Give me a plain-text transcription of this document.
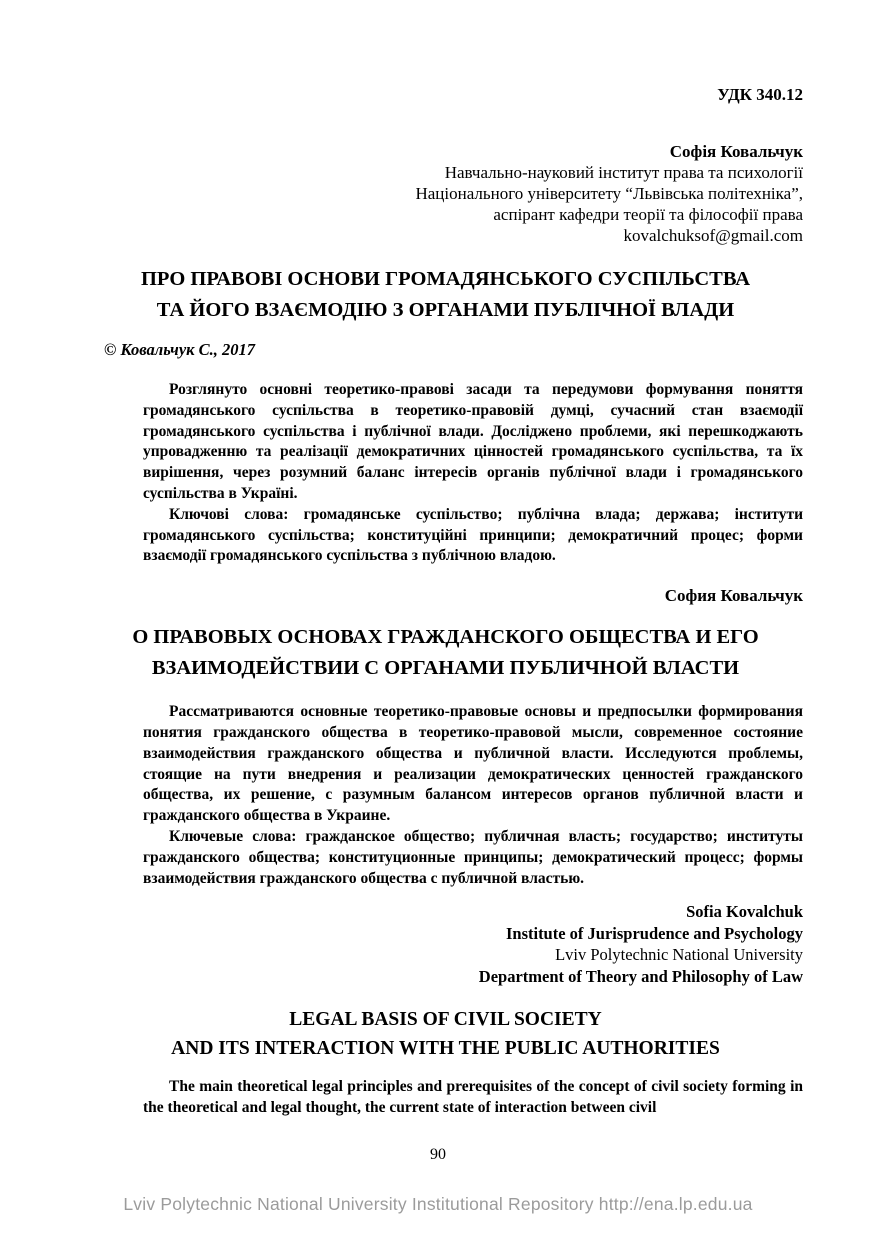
УДК 340.12
Софія Ковальчук
Навчально-науковий інститут права та психології
Національного університету “Львівська політехніка”,
аспірант кафедри теорії та філософії права
kovalchuksof@gmail.com
ПРО ПРАВОВІ ОСНОВИ ГРОМАДЯНСЬКОГО СУСПІЛЬСТВА
ТА ЙОГО ВЗАЄМОДІЮ З ОРГАНАМИ ПУБЛІЧНОЇ ВЛАДИ
© Ковальчук С., 2017

Розглянуто основні теоретико-правові засади та передумови формування поняття громадянського суспільства в теоретико-правовій думці, сучасний стан взаємодії громадянського суспільства і публічної влади. Досліджено проблеми, які перешкоджають упровадженню та реалізації демократичних цінностей громадянського суспільства, та їх вирішення, через розумний баланс інтересів органів публічної влади і громадянського суспільства в Україні.

Ключові слова: громадянське суспільство; публічна влада; держава; інститути громадянського суспільства; конституційні принципи; демократичний процес; форми взаємодії громадянського суспільства з публічною владою.

София Ковальчук
О ПРАВОВЫХ ОСНОВАХ ГРАЖДАНСКОГО ОБЩЕСТВА И ЕГО
ВЗАИМОДЕЙСТВИИ С ОРГАНАМИ ПУБЛИЧНОЙ ВЛАСТИ

Рассматриваются основные теоретико-правовые основы и предпосылки формирования понятия гражданского общества в теоретико-правовой мысли, современное состояние взаимодействия гражданского общества и публичной власти. Исследуются проблемы, стоящие на пути внедрения и реализации демократических ценностей гражданского общества, их решение, с разумным балансом интересов органов публичной власти и гражданского общества в Украине.

Ключевые слова: гражданское общество; публичная власть; государство; институты гражданского общества; конституционные принципы; демократический процесс; формы взаимодействия гражданского общества с публичной властью.

Sofia Kovalchuk
Institute of Jurisprudence and Psychology
Lviv Polytechnic National University
Department of Theory and Philosophy of Law
LEGAL BASIS OF CIVIL SOCIETY
AND ITS INTERACTION WITH THE PUBLIC AUTHORITIES

The main theoretical legal principles and prerequisites of the concept of civil society forming in the theoretical and legal thought, the current state of interaction between civil

90
Lviv Polytechnic National University Institutional Repository http://ena.lp.edu.ua
